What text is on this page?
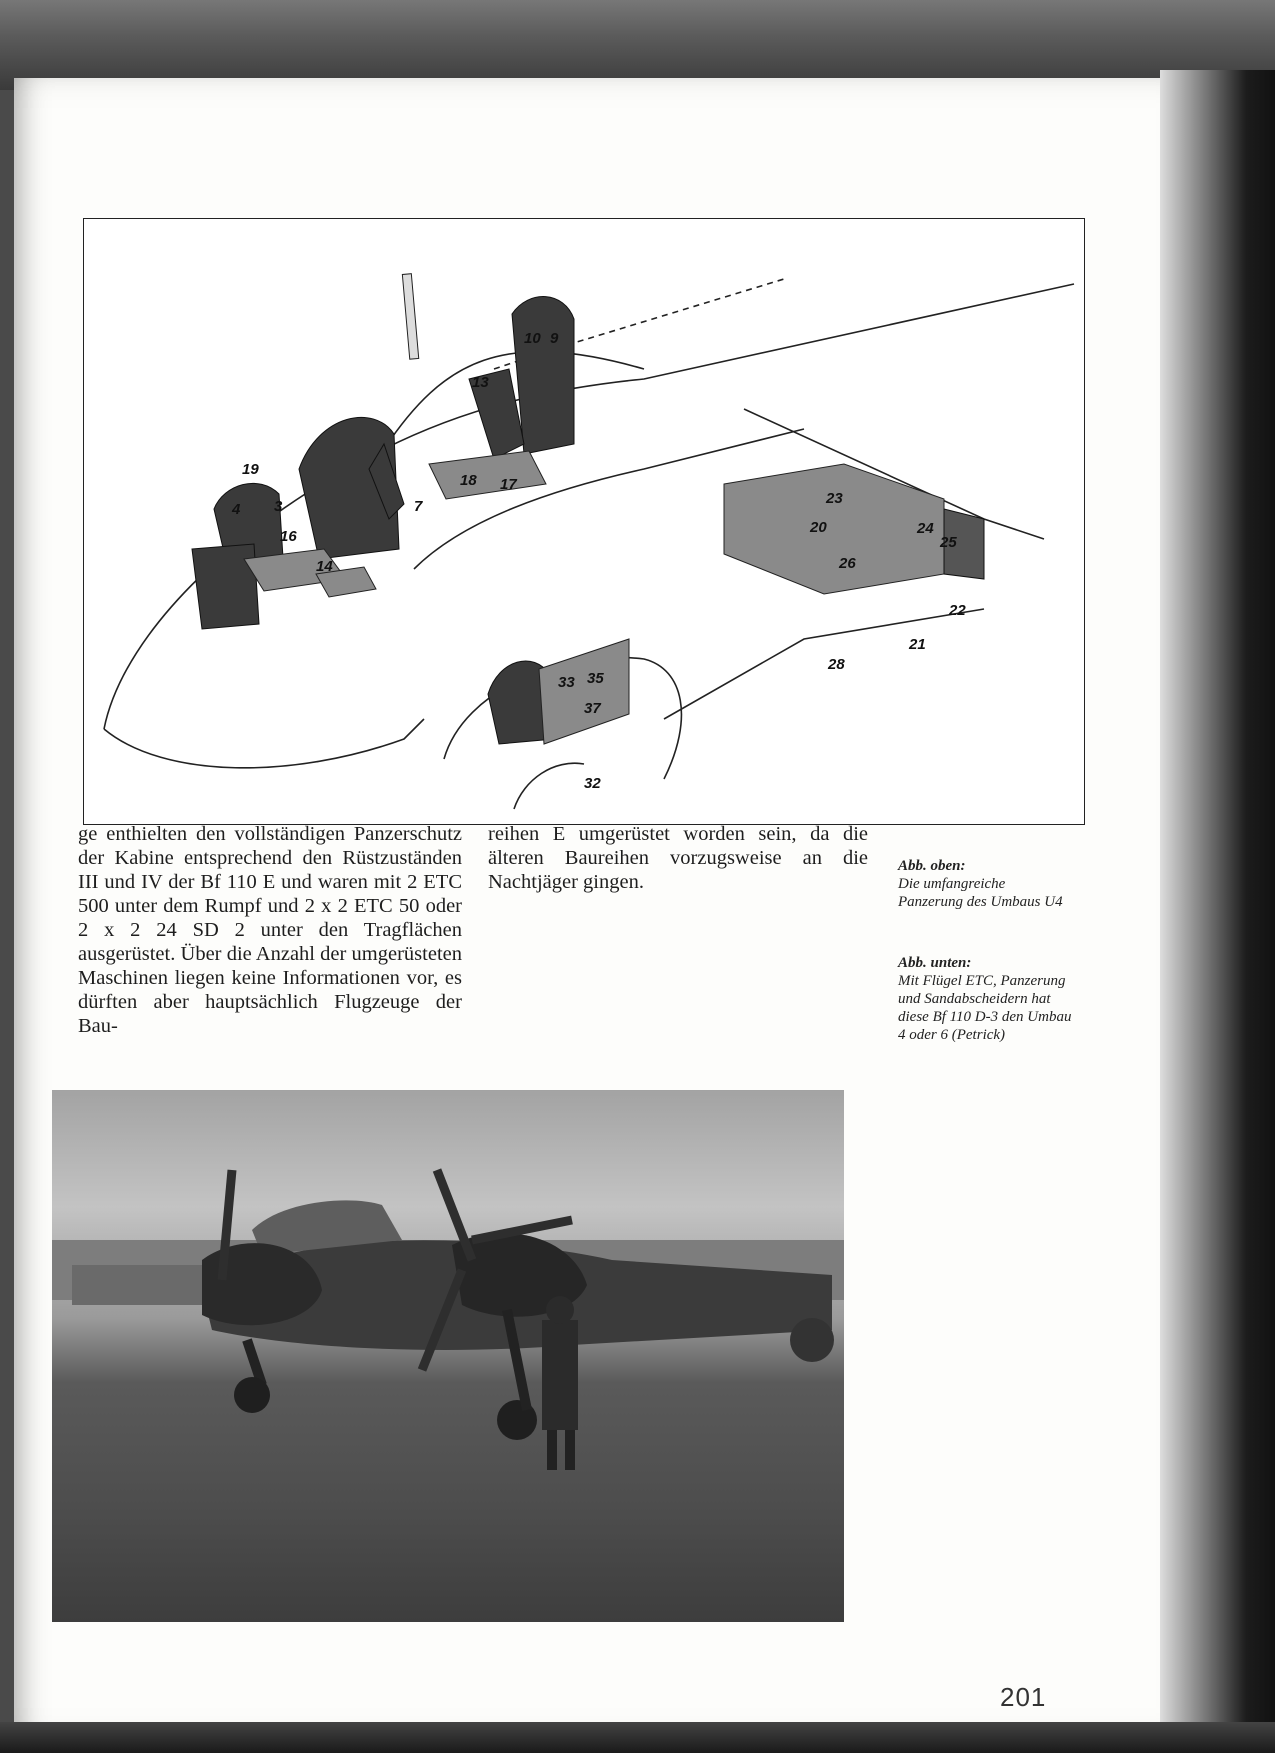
19
4 3
16
14
7
13
10 9
18 17
23
20	24
25
26
22
21
28
33 35
37
32
ge enthielten den vollständigen Panzerschutz der Kabine entsprechend den Rüstzuständen III und IV der Bf 110 E und waren mit 2 ETC 500 unter dem Rumpf und 2 x 2 ETC 50 oder 2 x 2 24 SD 2 unter den Tragflächen ausgerüstet. Über die Anzahl der umgerüsteten Maschinen liegen keine Informationen vor, es dürften aber hauptsächlich Flugzeuge der Bau-
reihen E umgerüstet worden sein, da die älteren Baureihen vorzugsweise an die Nachtjäger gingen.
Abb. oben:
Die umfangreiche Panzerung des Umbaus U4
Abb. unten:
Mit Flügel ETC, Panzerung und Sandabscheidern hat diese Bf 110 D-3 den Umbau 4 oder 6 (Petrick)
201
